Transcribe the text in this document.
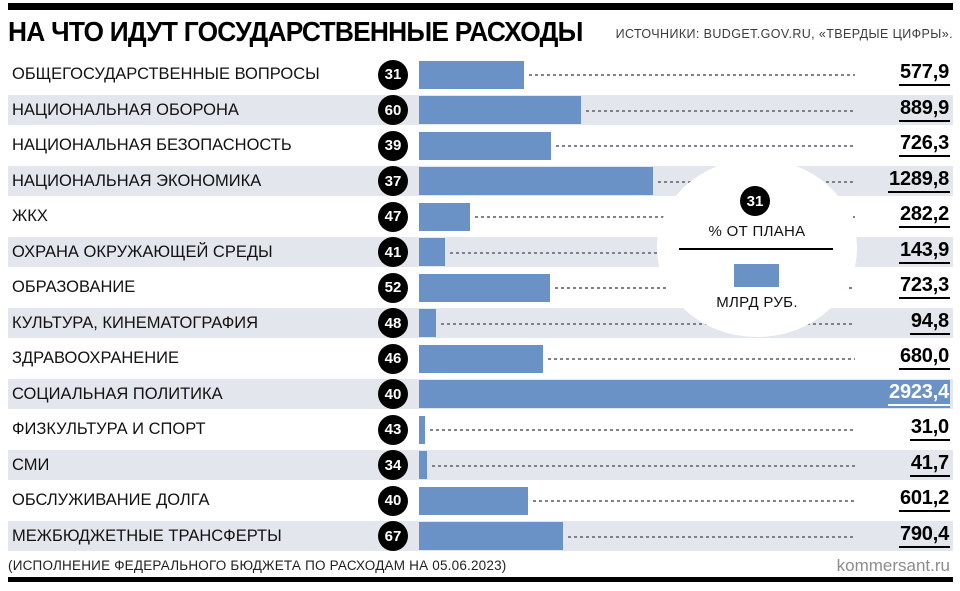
НА ЧТО ИДУТ ГОСУДАРСТВЕННЫЕ РАСХОДЫ	ИСТОЧНИКИ: BUDGET.GOV.RU, «ТВЕРДЫЕ ЦИФРЫ».
ОБЩЕГОСУДАРСТВЕННЫЕ ВОПРОСЫ	31	577,9
НАЦИОНАЛЬНАЯ ОБОРОНА	60	889,9
НАЦИОНАЛЬНАЯ БЕЗОПАСНОСТЬ	39	726,3
НАЦИОНАЛЬНАЯ ЭКОНОМИКА	37	1289,8
ЖКХ	47	282,2
ОХРАНА ОКРУЖАЮЩЕЙ СРЕДЫ	41	143,9
ОБРАЗОВАНИЕ	52	723,3
КУЛЬТУРА, КИНЕМАТОГРАФИЯ	48	94,8
ЗДРАВООХРАНЕНИЕ	46	680,0
СОЦИАЛЬНАЯ ПОЛИТИКА	40	2923,4
ФИЗКУЛЬТУРА И СПОРТ	43	31,0
СМИ	34	41,7
ОБСЛУЖИВАНИЕ ДОЛГА	40	601,2
МЕЖБЮДЖЕТНЫЕ ТРАНСФЕРТЫ	67	790,4
31
% ОТ ПЛАНА
МЛРД РУБ.
(ИСПОЛНЕНИЕ ФЕДЕРАЛЬНОГО БЮДЖЕТА ПО РАСХОДАМ НА 05.06.2023)	kommersant.ru
